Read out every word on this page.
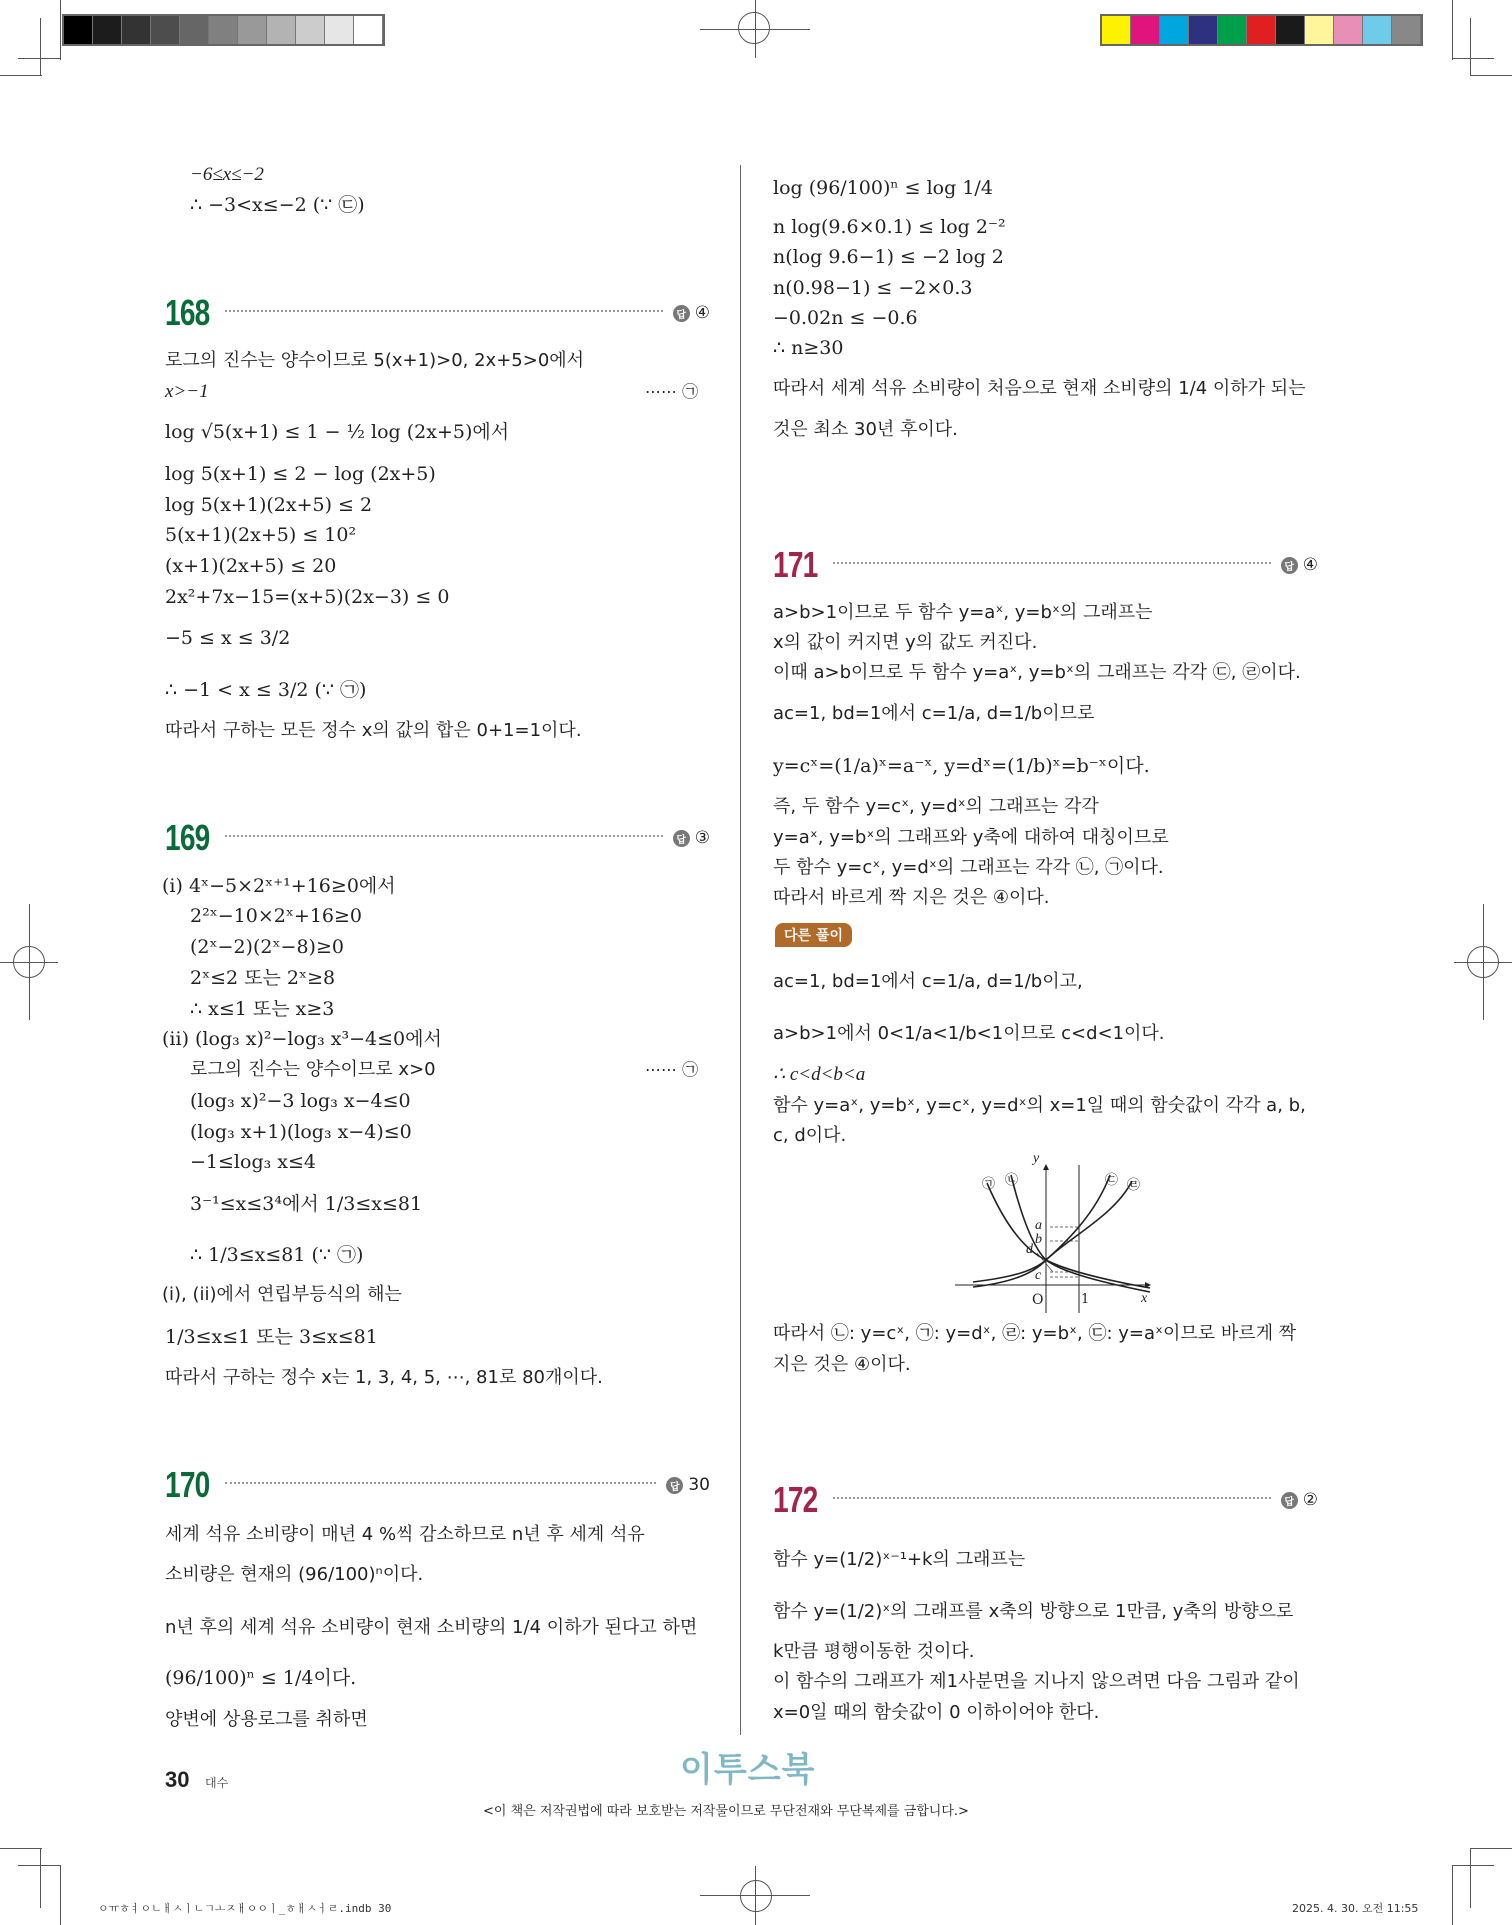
−6≤x≤−2
∴ −3<x≤−2 (∵ ㉢)
168	답 ④
로그의 진수는 양수이므로 5(x+1)>0, 2x+5>0에서
x>−1	⋯⋯ ㉠
log √5(x+1) ≤ 1 − ½ log (2x+5)에서
log 5(x+1) ≤ 2 − log (2x+5)
log 5(x+1)(2x+5) ≤ 2
5(x+1)(2x+5) ≤ 10²
(x+1)(2x+5) ≤ 20
2x²+7x−15=(x+5)(2x−3) ≤ 0
−5 ≤ x ≤ 3/2
∴ −1 < x ≤ 3/2 (∵ ㉠)
따라서 구하는 모든 정수 x의 값의 합은 0+1=1이다.
169	답 ③
(i) 4ˣ−5×2ˣ⁺¹+16≥0에서
2²ˣ−10×2ˣ+16≥0
(2ˣ−2)(2ˣ−8)≥0
2ˣ≤2 또는 2ˣ≥8
∴ x≤1 또는 x≥3
(ii) (log₃ x)²−log₃ x³−4≤0에서
로그의 진수는 양수이므로 x>0	⋯⋯ ㉠
(log₃ x)²−3 log₃ x−4≤0
(log₃ x+1)(log₃ x−4)≤0
−1≤log₃ x≤4
3⁻¹≤x≤3⁴에서 1/3≤x≤81
∴ 1/3≤x≤81 (∵ ㉠)
(i), (ii)에서 연립부등식의 해는
1/3≤x≤1 또는 3≤x≤81
따라서 구하는 정수 x는 1, 3, 4, 5, ⋯, 81로 80개이다.
170	답 30
세계 석유 소비량이 매년 4 %씩 감소하므로 n년 후 세계 석유
소비량은 현재의 (96/100)ⁿ이다.
n년 후의 세계 석유 소비량이 현재 소비량의 1/4 이하가 된다고 하면
(96/100)ⁿ ≤ 1/4이다.
양변에 상용로그를 취하면
log (96/100)ⁿ ≤ log 1/4
n log(9.6×0.1) ≤ log 2⁻²
n(log 9.6−1) ≤ −2 log 2
n(0.98−1) ≤ −2×0.3
−0.02n ≤ −0.6
∴ n≥30
따라서 세계 석유 소비량이 처음으로 현재 소비량의 1/4 이하가 되는
것은 최소 30년 후이다.
171	답 ④
a>b>1이므로 두 함수 y=aˣ, y=bˣ의 그래프는
x의 값이 커지면 y의 값도 커진다.
이때 a>b이므로 두 함수 y=aˣ, y=bˣ의 그래프는 각각 ㉢, ㉣이다.
ac=1, bd=1에서 c=1/a, d=1/b이므로
y=cˣ=(1/a)ˣ=a⁻ˣ, y=dˣ=(1/b)ˣ=b⁻ˣ이다.
즉, 두 함수 y=cˣ, y=dˣ의 그래프는 각각
y=aˣ, y=bˣ의 그래프와 y축에 대하여 대칭이므로
두 함수 y=cˣ, y=dˣ의 그래프는 각각 ㉡, ㉠이다.
따라서 바르게 짝 지은 것은 ④이다.
다른 풀이
ac=1, bd=1에서 c=1/a, d=1/b이고,
a>b>1에서 0<1/a<1/b<1이므로 c<d<1이다.
∴ c<d<b<a
함수 y=aˣ, y=bˣ, y=cˣ, y=dˣ의 x=1일 때의 함숫값이 각각 a, b,
c, d이다.
㉠ ㉡	㉢ ㉣
y
x
O	1
a
b
d
c
따라서 ㉡: y=cˣ, ㉠: y=dˣ, ㉣: y=bˣ, ㉢: y=aˣ이므로 바르게 짝
지은 것은 ④이다.
172	답 ②
함수 y=(1/2)ˣ⁻¹+k의 그래프는
함수 y=(1/2)ˣ의 그래프를 x축의 방향으로 1만큼, y축의 방향으로
k만큼 평행이동한 것이다.
이 함수의 그래프가 제1사분면을 지나지 않으려면 다음 그림과 같이
x=0일 때의 함숫값이 0 이하이어야 한다.
30 대수	이투스북
<이 책은 저작권법에 따라 보호받는 저작물이므로 무단전재와 무단복제를 금합니다.>
ㅇㅠㅎㅕㅇㄴㅐㅅㅣㄴㄱㅗㅈㅐㅇㅇㅣ_ㅎㅐㅅㅓㄹ.indb 30	2025. 4. 30. 오전 11:55
